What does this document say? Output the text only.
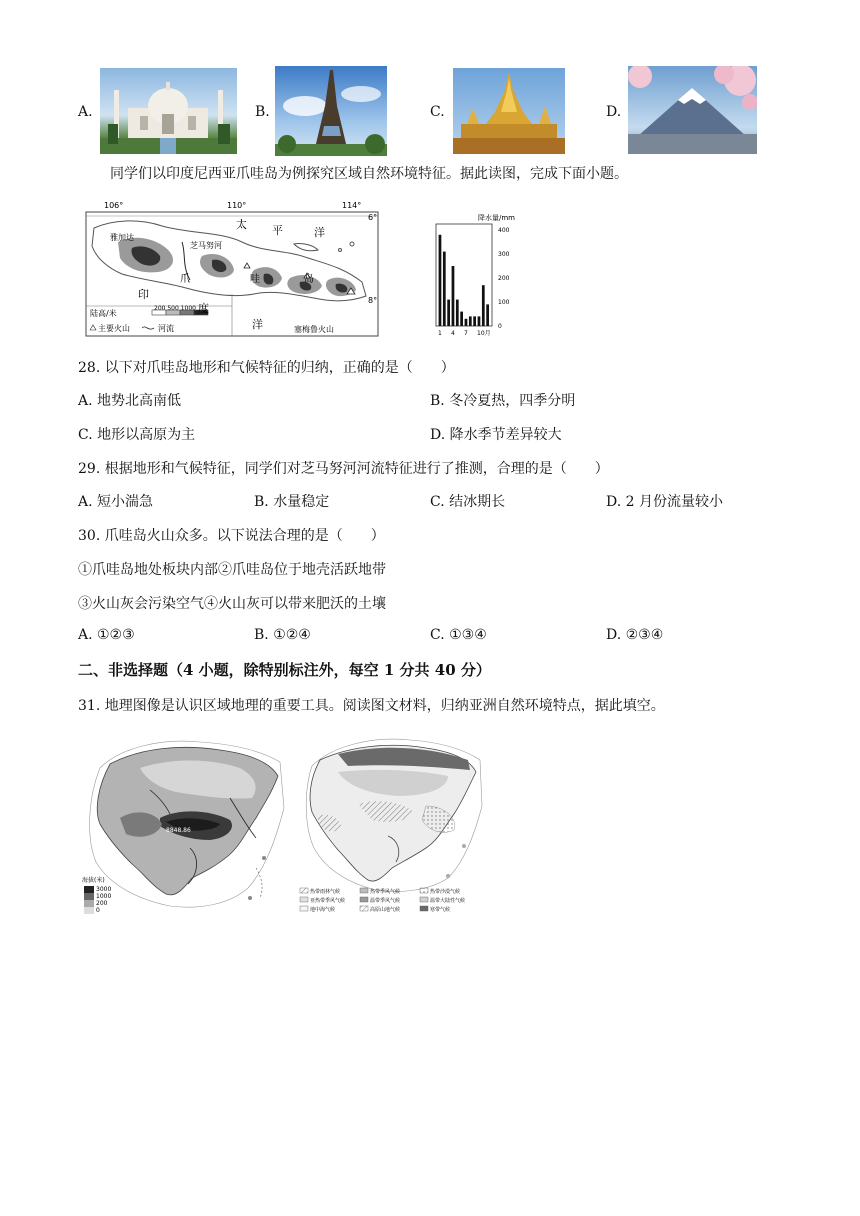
A.	B.	C.	D.
同学们以印度尼西亚爪哇岛为例探究区域自然环境特征。据此读图，完成下面小题。
106°	110°	114°
6°
8°
太 平	洋
雅加达
芝马努河
爪	哇	岛
印
度
洋	塞梅鲁火山
陆高/米
200 500 1000
主要火山	河流
降水量/mm
400
300
200
100
0
1 4 7 10月
28. 以下对爪哇岛地形和气候特征的归纳，正确的是（　　）
A. 地势北高南低	B. 冬冷夏热，四季分明
C. 地形以高原为主	D. 降水季节差异较大
29. 根据地形和气候特征，同学们对芝马努河河流特征进行了推测，合理的是（　　）
A. 短小湍急	B. 水量稳定	C. 结冰期长	D. 2 月份流量较小
30. 爪哇岛火山众多。以下说法合理的是（　　）
①爪哇岛地处板块内部②爪哇岛位于地壳活跃地带
③火山灰会污染空气④火山灰可以带来肥沃的土壤
A. ①②③	B. ①②④	C. ①③④	D. ②③④
二、非选择题（4 小题，除特别标注外，每空 1 分共 40 分）
31. 地理图像是认识区域地理的重要工具。阅读图文材料，归纳亚洲自然环境特点，据此填空。
8848.86
海拔(米)
3000
1000
200
0
热带雨林气候	热带季风气候	热带沙漠气候
亚热带季风气候	温带季风气候	温带大陆性气候
地中海气候	高原山地气候	寒带气候
